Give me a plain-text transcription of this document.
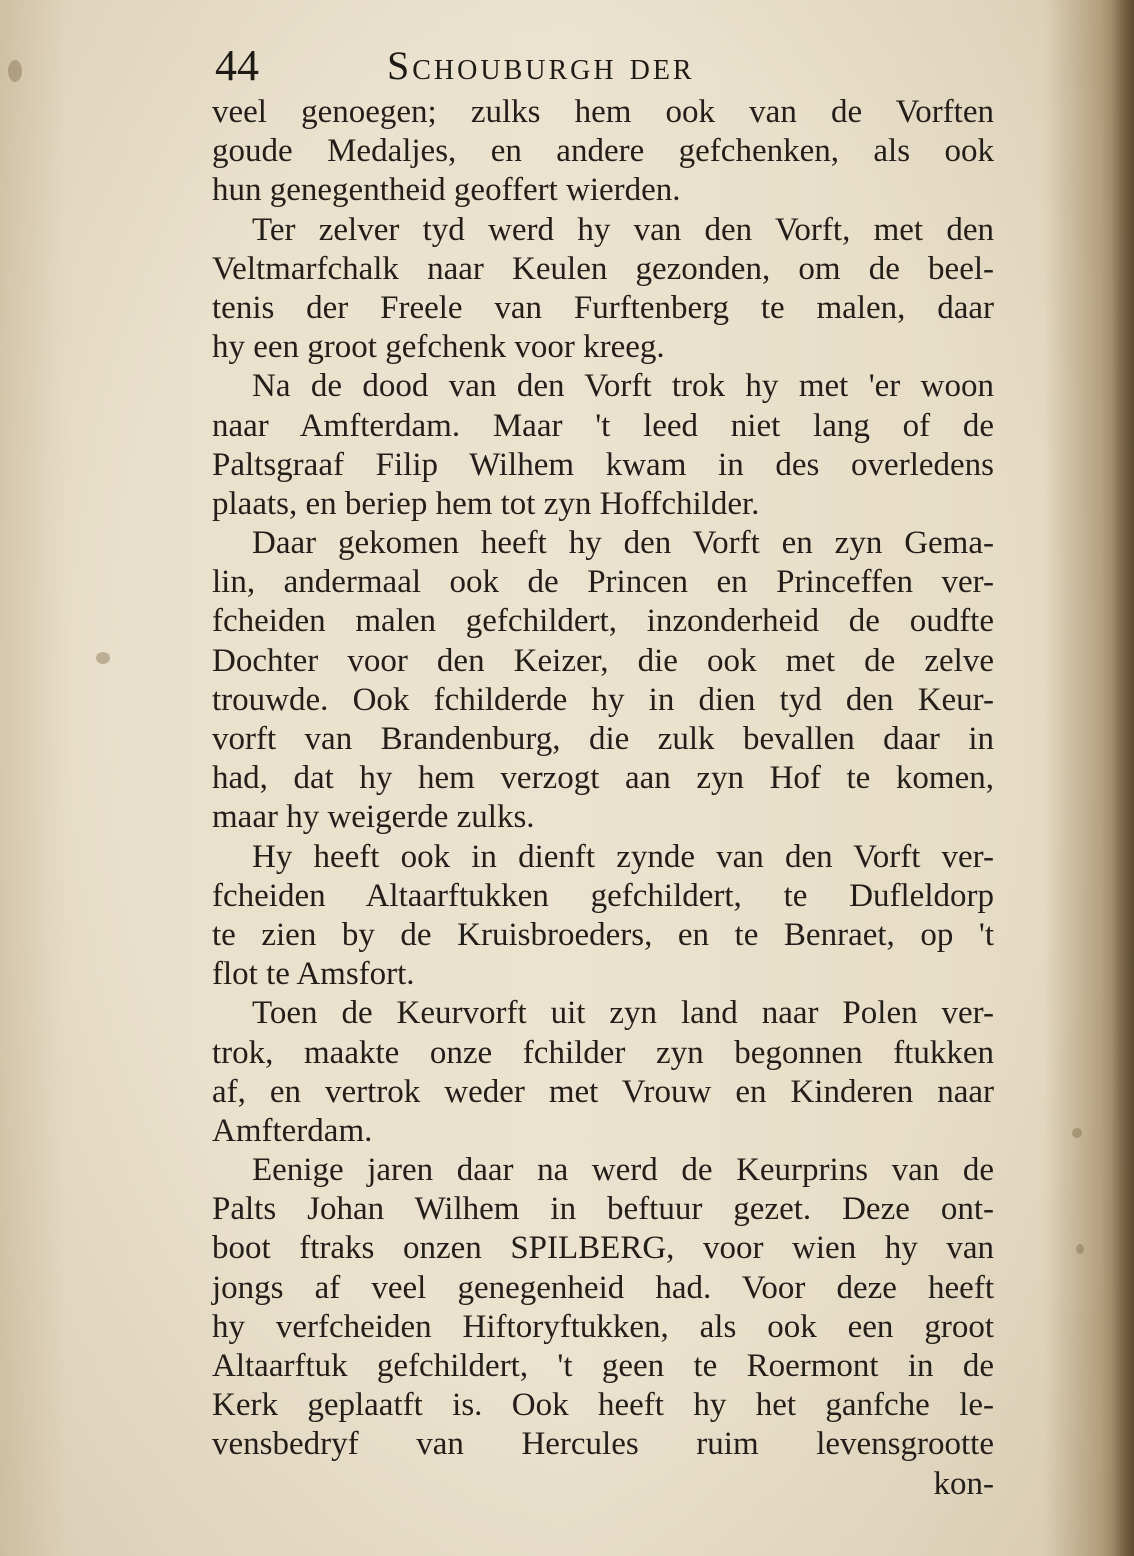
44	Schouburgh der
veel genoegen; zulks hem ook van de Vorften
goude Medaljes, en andere gefchenken, als ook
hun genegentheid geoffert wierden.
Ter zelver tyd werd hy van den Vorft, met den
Veltmarfchalk naar Keulen gezonden, om de beel-
tenis der Freele van Furftenberg te malen, daar
hy een groot gefchenk voor kreeg.
Na de dood van den Vorft trok hy met 'er woon
naar Amfterdam. Maar 't leed niet lang of de
Paltsgraaf Filip Wilhem kwam in des overledens
plaats, en beriep hem tot zyn Hoffchilder.
Daar gekomen heeft hy den Vorft en zyn Gema-
lin, andermaal ook de Princen en Princeffen ver-
fcheiden malen gefchildert, inzonderheid de oudfte
Dochter voor den Keizer, die ook met de zelve
trouwde. Ook fchilderde hy in dien tyd den Keur-
vorft van Brandenburg, die zulk bevallen daar in
had, dat hy hem verzogt aan zyn Hof te komen,
maar hy weigerde zulks.
Hy heeft ook in dienft zynde van den Vorft ver-
fcheiden Altaarftukken gefchildert, te Dufleldorp
te zien by de Kruisbroeders, en te Benraet, op 't
flot te Amsfort.
Toen de Keurvorft uit zyn land naar Polen ver-
trok, maakte onze fchilder zyn begonnen ftukken
af, en vertrok weder met Vrouw en Kinderen naar
Amfterdam.
Eenige jaren daar na werd de Keurprins van de
Palts Johan Wilhem in beftuur gezet. Deze ont-
boot ftraks onzen SPILBERG, voor wien hy van
jongs af veel genegenheid had. Voor deze heeft
hy verfcheiden Hiftoryftukken, als ook een groot
Altaarftuk gefchildert, 't geen te Roermont in de
Kerk geplaatft is. Ook heeft hy het ganfche le-
vensbedryf van Hercules ruim levensgrootte
kon-
